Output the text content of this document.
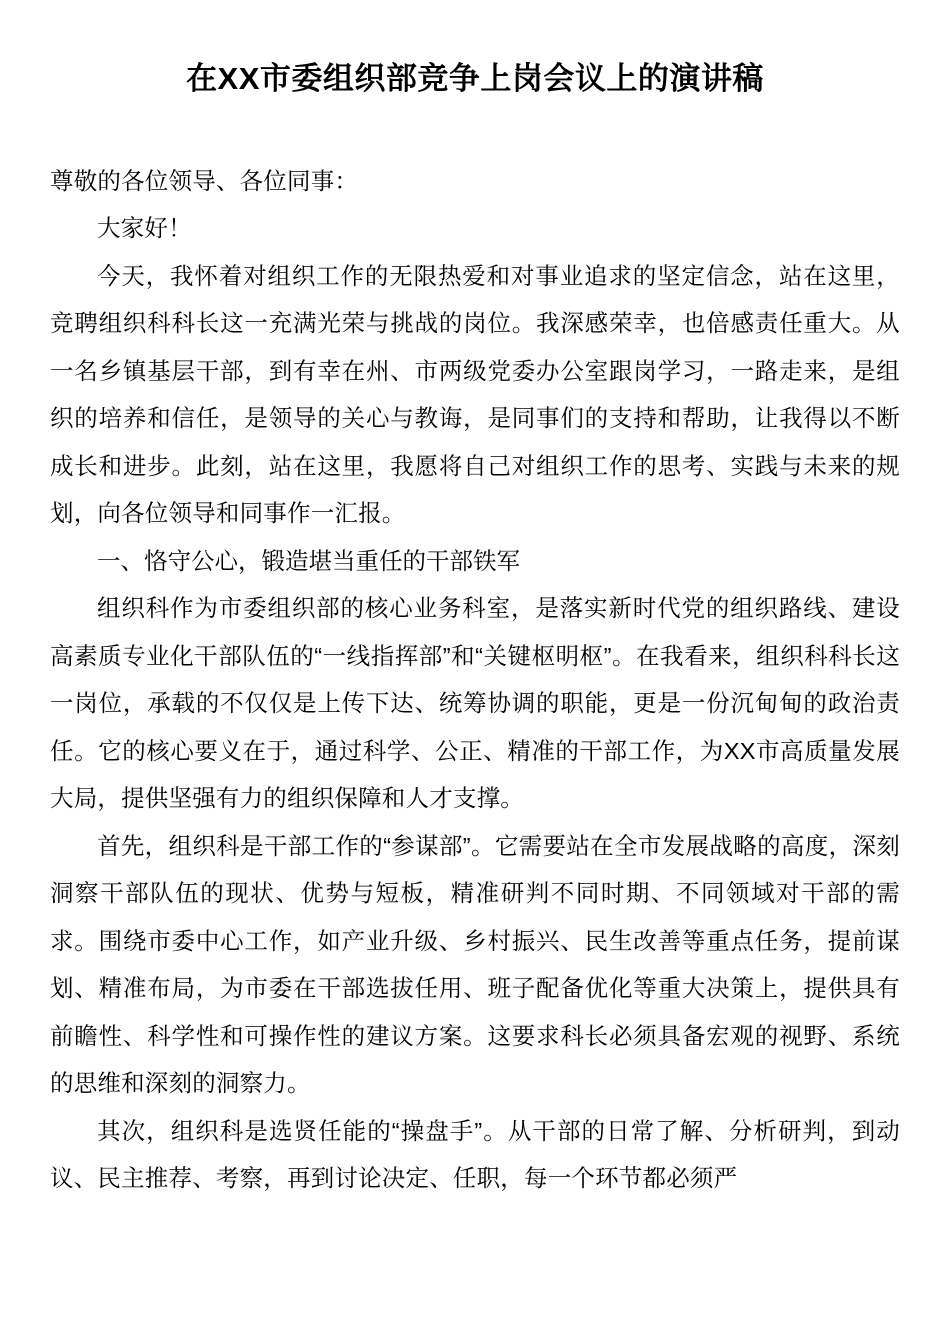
在XX市委组织部竞争上岗会议上的演讲稿

尊敬的各位领导、各位同事：

大家好！

今天，我怀着对组织工作的无限热爱和对事业追求的坚定信念，站在这里，竞聘组织科科长这一充满光荣与挑战的岗位。我深感荣幸，也倍感责任重大。从一名乡镇基层干部，到有幸在州、市两级党委办公室跟岗学习，一路走来，是组织的培养和信任，是领导的关心与教诲，是同事们的支持和帮助，让我得以不断成长和进步。此刻，站在这里，我愿将自己对组织工作的思考、实践与未来的规划，向各位领导和同事作一汇报。

一、恪守公心，锻造堪当重任的干部铁军

组织科作为市委组织部的核心业务科室，是落实新时代党的组织路线、建设高素质专业化干部队伍的“一线指挥部”和“关键枢明枢”。在我看来，组织科科长这一岗位，承载的不仅仅是上传下达、统筹协调的职能，更是一份沉甸甸的政治责任。它的核心要义在于，通过科学、公正、精准的干部工作，为XX市高质量发展大局，提供坚强有力的组织保障和人才支撑。

首先，组织科是干部工作的“参谋部”。它需要站在全市发展战略的高度，深刻洞察干部队伍的现状、优势与短板，精准研判不同时期、不同领域对干部的需求。围绕市委中心工作，如产业升级、乡村振兴、民生改善等重点任务，提前谋划、精准布局，为市委在干部选拔任用、班子配备优化等重大决策上，提供具有前瞻性、科学性和可操作性的建议方案。这要求科长必须具备宏观的视野、系统的思维和深刻的洞察力。

其次，组织科是选贤任能的“操盘手”。从干部的日常了解、分析研判，到动议、民主推荐、考察，再到讨论决定、任职，每一个环节都必须严
